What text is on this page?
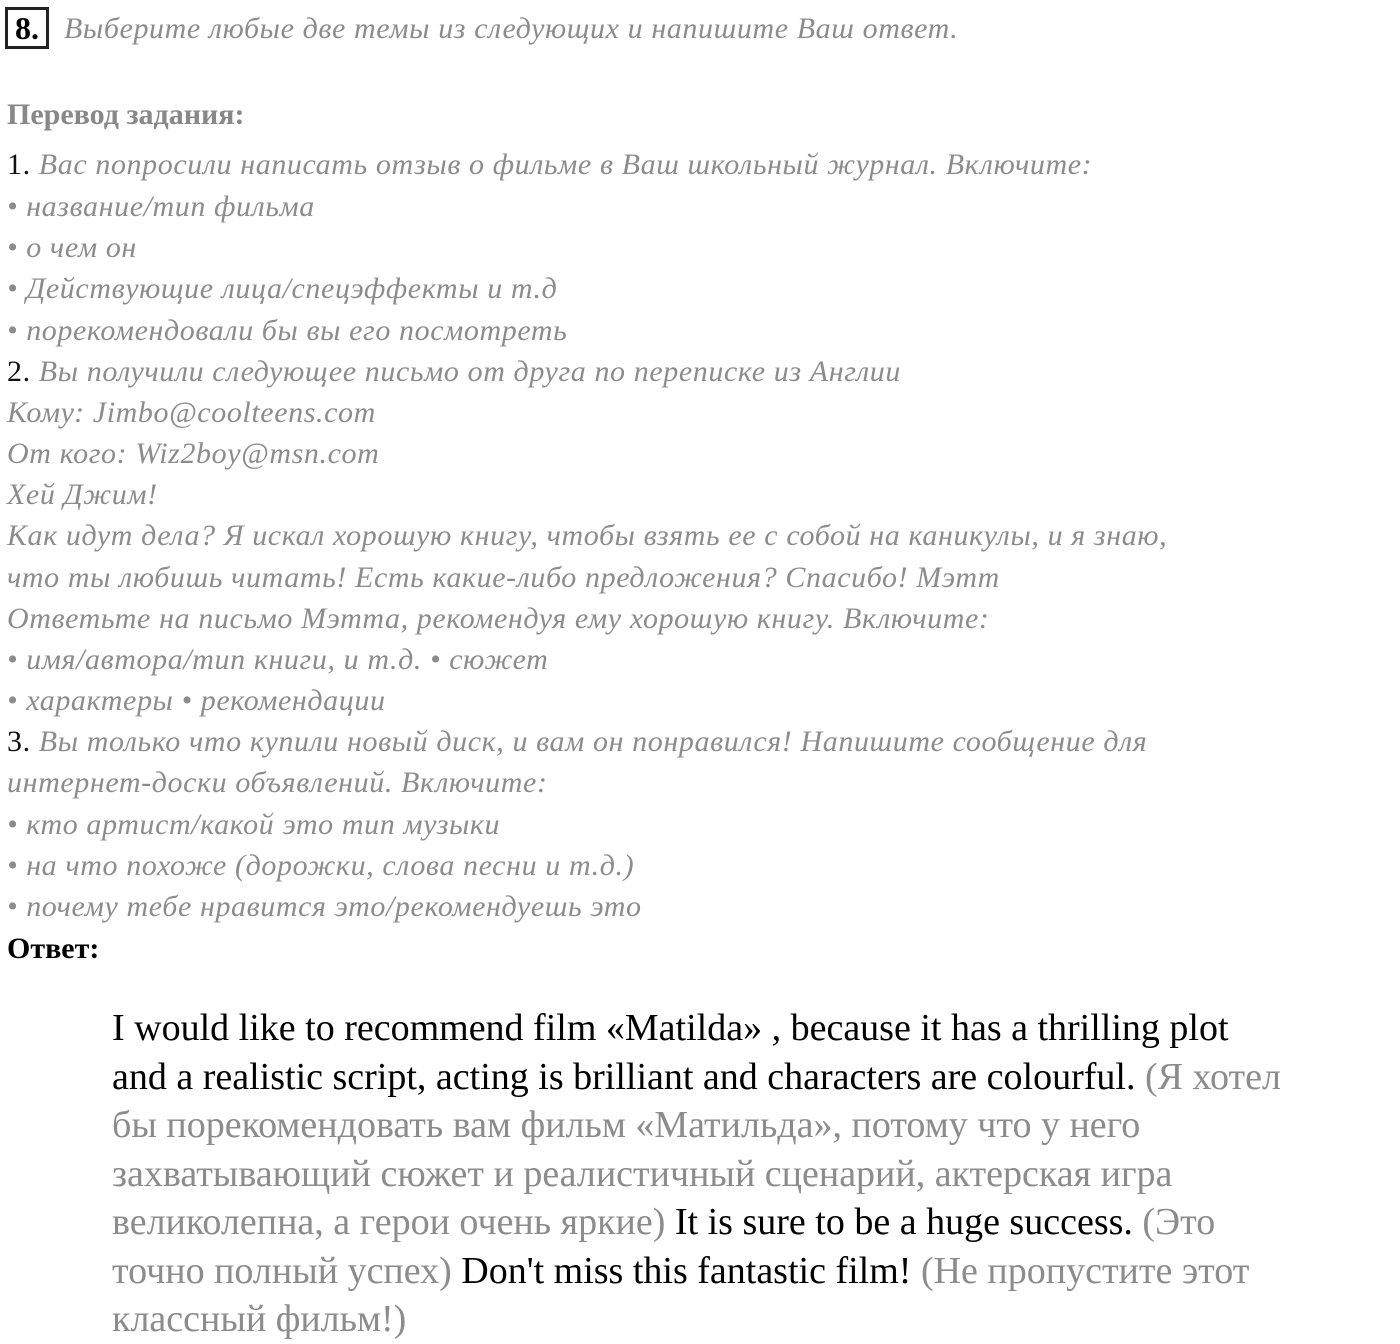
8. Выберите любые две темы из следующих и напишите Ваш ответ.
Перевод задания:
1. Вас попросили написать отзыв о фильме в Ваш школьный журнал. Включите:
• название/тип фильма
• о чем он
• Действующие лица/спецэффекты и т.д
• порекомендовали бы вы его посмотреть
2. Вы получили следующее письмо от друга по переписке из Англии
Кому: Jimbo@coolteens.com
От кого: Wiz2boy@msn.com
Хей Джим!
Как идут дела? Я искал хорошую книгу, чтобы взять ее с собой на каникулы, и я знаю,
что ты любишь читать! Есть какие-либо предложения? Спасибо! Мэтт
Ответьте на письмо Мэтта, рекомендуя ему хорошую книгу. Включите:
• имя/автора/тип книги, и т.д. • сюжет
• характеры • рекомендации
3. Вы только что купили новый диск, и вам он понравился! Напишите сообщение для
интернет-доски объявлений. Включите:
• кто артист/какой это тип музыки
• на что похоже (дорожки, слова песни и т.д.)
• почему тебе нравится это/рекомендуешь это
Ответ:
I would like to recommend film «Matilda» , because it has a thrilling plot
and a realistic script, acting is brilliant and characters are colourful. (Я хотел
бы порекомендовать вам фильм «Матильда», потому что у него
захватывающий сюжет и реалистичный сценарий, актерская игра
великолепна, а герои очень яркие) It is sure to be a huge success. (Это
точно полный успех) Don't miss this fantastic film! (Не пропустите этот
классный фильм!)
